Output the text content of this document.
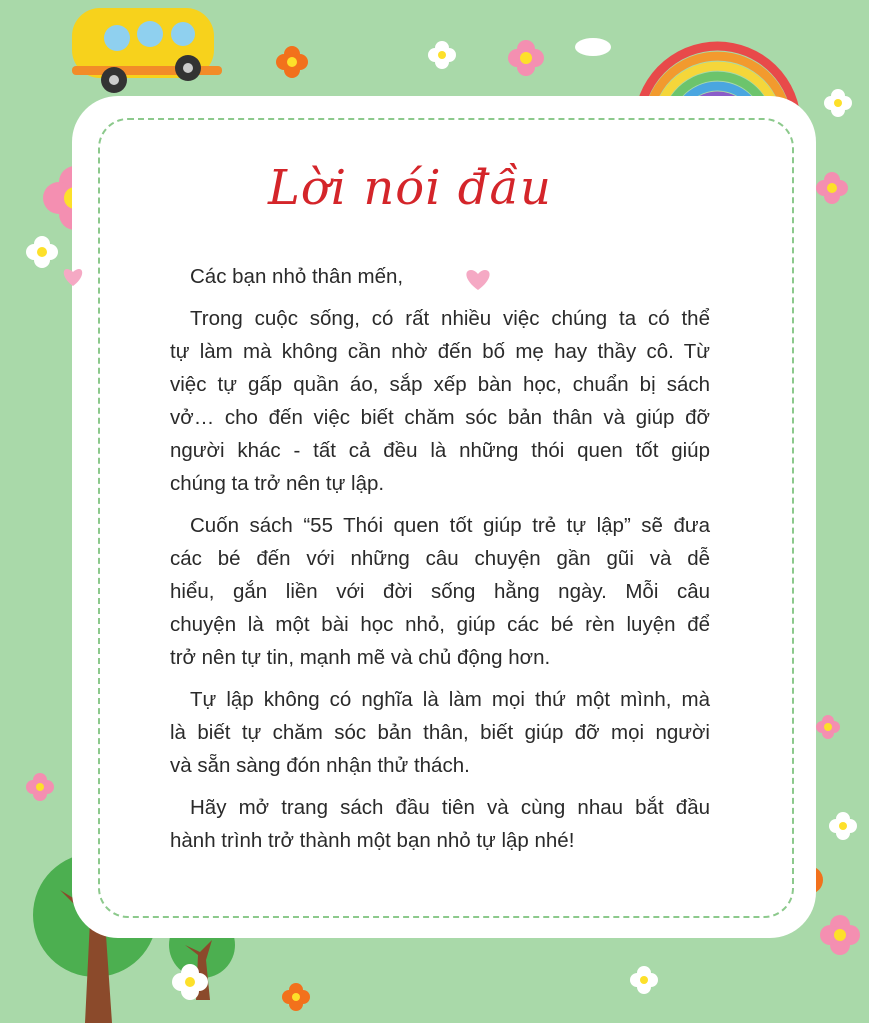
Lời nói đầu
Các bạn nhỏ thân mến,
Trong cuộc sống, có rất nhiều việc chúng ta có thể
tự làm mà không cần nhờ đến bố mẹ hay thầy cô. Từ
việc tự gấp quần áo, sắp xếp bàn học, chuẩn bị sách
vở… cho đến việc biết chăm sóc bản thân và giúp đỡ
người khác - tất cả đều là những thói quen tốt giúp
chúng ta trở nên tự lập.
Cuốn sách “55 Thói quen tốt giúp trẻ tự lập” sẽ đưa
các bé đến với những câu chuyện gần gũi và dễ
hiểu, gắn liền với đời sống hằng ngày. Mỗi câu
chuyện là một bài học nhỏ, giúp các bé rèn luyện để
trở nên tự tin, mạnh mẽ và chủ động hơn.
Tự lập không có nghĩa là làm mọi thứ một mình, mà
là biết tự chăm sóc bản thân, biết giúp đỡ mọi người
và sẵn sàng đón nhận thử thách.
Hãy mở trang sách đầu tiên và cùng nhau bắt đầu
hành trình trở thành một bạn nhỏ tự lập nhé!
